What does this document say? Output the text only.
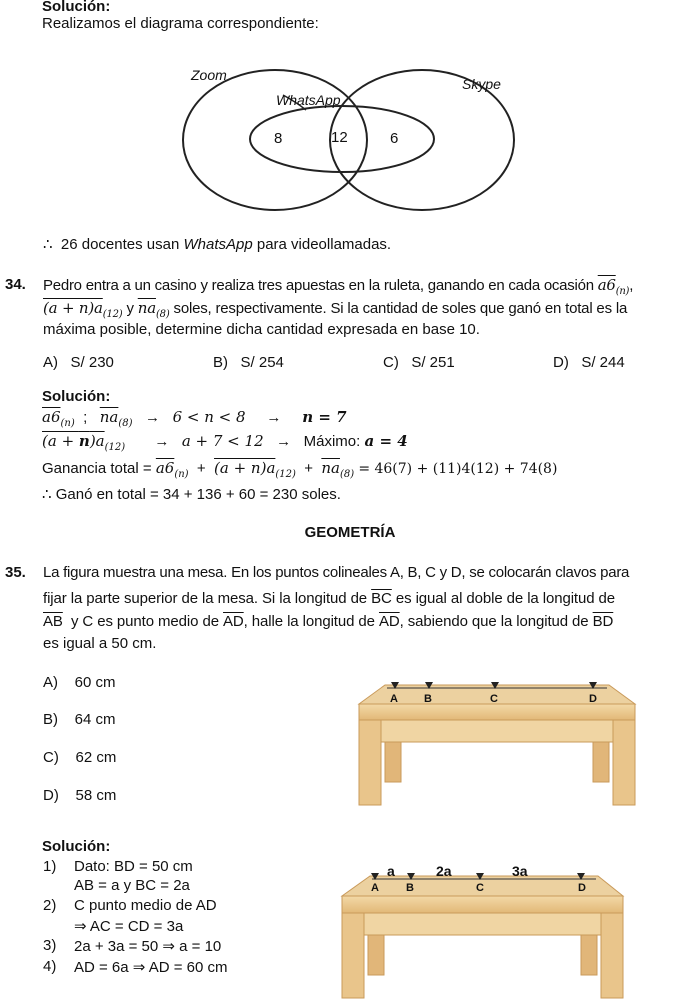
Solución:
Realizamos el diagrama correspondiente:
Zoom
Skype
WhatsApp
8	12	6
∴ 26 docentes usan WhatsApp para videollamadas.
34. Pedro entra a un casino y realiza tres apuestas en la ruleta, ganando en cada ocasión $a6_{(n)}$,
$(a + n)a_{(12)}$ y $\overline{na}_{(8)}$ soles, respectivamente. Si la cantidad de soles que ganó en total es la
máxima posible, determine dicha cantidad expresada en base 10.
A) S/ 230	B) S/ 254	C) S/ 251	D) S/ 244
Solución:
$a6_{(n)}$  ;   $\overline{na}_{(8)} \to 6 < n < 8$     →     n = 7
$(a + n)a_{(12)}$       →   a + 7 < 12   →   Máximo: a = 4
Ganancia total = $a6_{(n)} + (a + n)a_{(12)} + \overline{na}_{(8)} = 46(7) + (11)4(12) + 74(8)$
∴ Ganó en total = 34 + 136 + 60 = 230 soles.
GEOMETRÍA
35. La figura muestra una mesa. En los puntos colineales A, B, C y D, se colocarán clavos para
fijar la parte superior de la mesa. Si la longitud de $\overline{BC}$ es igual al doble de la longitud de
$\overline{AB}$ y C es punto medio de $\overline{AD}$, halle la longitud de $\overline{AD}$, sabiendo que la longitud de $\overline{BD}$
es igual a 50 cm.
A) 60 cm
B) 64 cm
C) 62 cm
D) 58 cm
A B	C	D
Solución:
1) Dato: BD = 50 cm
AB = a y BC = 2a
2) C punto medio de AD
⇒ AC = CD = 3a
3) 2a + 3a = 50 ⇒ a = 10
4) AD = 6a ⇒ AD = 60 cm
A B	C	D
a	2a	3a
